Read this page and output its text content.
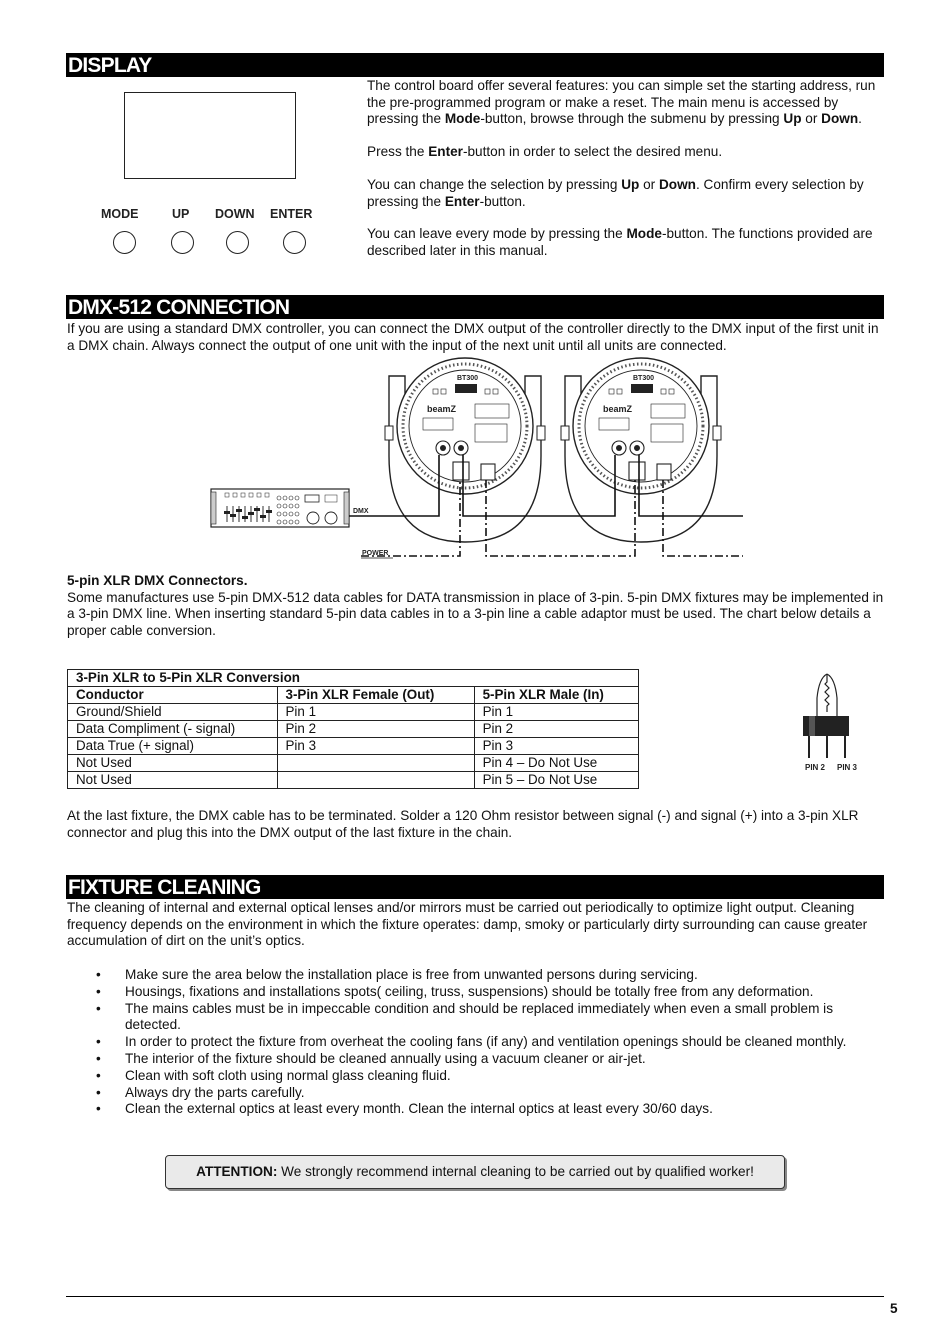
DISPLAY
MODE	UP DOWN ENTER

The control board offer several features: you can simple set the starting address, run the pre-programmed program or make a reset. The main menu is accessed by pressing the Mode-button, browse through the submenu by pressing Up or Down.

Press the Enter-button in order to select the desired menu.

You can change the selection by pressing Up or Down. Confirm every selection by pressing the Enter-button.

You can leave every mode by pressing the Mode-button. The functions provided are described later in this manual.

DMX-512 CONNECTION

If you are using a standard DMX controller, you can connect the DMX output of the controller directly to the DMX input of the first unit in a DMX chain. Always connect the output of one unit with the input of the next unit until all units are connected.

BT300
beamZ
BT300
beamZ
DMX
POWER

5-pin XLR DMX Connectors.

Some manufactures use 5-pin DMX-512 data cables for DATA transmission in place of 3-pin. 5-pin DMX fixtures may be implemented in a 3-pin DMX line. When inserting standard 5-pin data cables in to a 3-pin line a cable adaptor must be used. The chart below details a proper cable conversion.

3-Pin XLR to 5-Pin XLR Conversion		
Conductor	3-Pin XLR Female (Out)	5-Pin XLR Male (In)
Ground/Shield	Pin 1	Pin 1
Data Compliment (- signal)	Pin 2	Pin 2
Data True (+ signal)	Pin 3	Pin 3
Not Used		Pin 4 – Do Not Use
Not Used		Pin 5 – Do Not Use
PIN 2 PIN 3

At the last fixture, the DMX cable has to be terminated. Solder a 120 Ohm resistor between signal (-) and signal (+) into a 3-pin XLR connector and plug this into the DMX output of the last fixture in the chain.

FIXTURE CLEANING

The cleaning of internal and external optical lenses and/or mirrors must be carried out periodically to optimize light output. Cleaning frequency depends on the environment in which the fixture operates: damp, smoky or particularly dirty surrounding can cause greater accumulation of dirt on the unit’s optics.

• Make sure the area below the installation place is free from unwanted persons during servicing.
• Housings, fixations and installations spots( ceiling, truss, suspensions) should be totally free from any deformation.
• The mains cables must be in impeccable condition and should be replaced immediately when even a small problem is detected.
• In order to protect the fixture from overheat the cooling fans (if any) and ventilation openings should be cleaned monthly.
• The interior of the fixture should be cleaned annually using a vacuum cleaner or air-jet.
• Clean with soft cloth using normal glass cleaning fluid.
• Always dry the parts carefully.
• Clean the external optics at least every month. Clean the internal optics at least every 30/60 days.
ATTENTION: We strongly recommend internal cleaning to be carried out by qualified worker!
5
